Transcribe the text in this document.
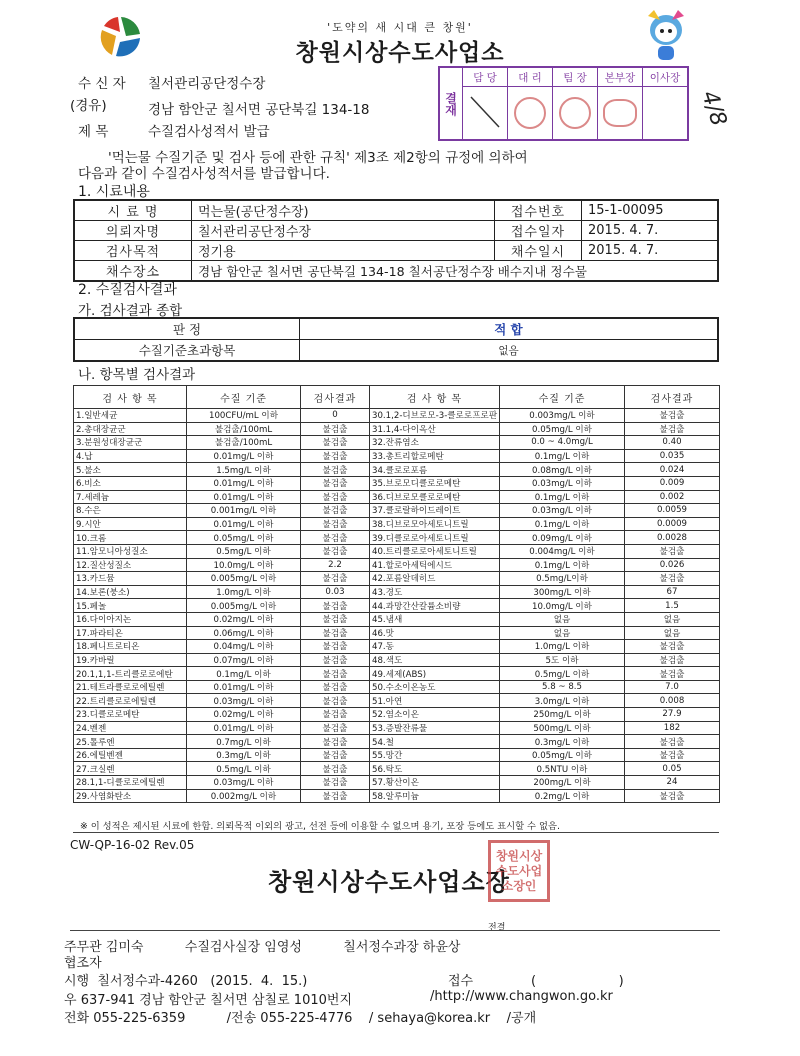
'도약의 새 시대 큰 창원'
창원시상수도사업소
수 신 자 칠서관리공단정수장
(경유)	경남 함안군 칠서면 공단북길 134-18
제 목	수질검사성적서 발급
결재	담 당	대 리	팀 장	본부장	이사장

4/8
'먹는물 수질기준 및 검사 등에 관한 규칙' 제3조 제2항의 규정에 의하여
다음과 같이 수질검사성적서를 발급합니다.
1. 시료내용
시 료 명	먹는물(공단정수장)	접수번호	15-1-00095
의뢰자명	칠서관리공단정수장	접수일자	2015. 4. 7.
검사목적	정기용	채수일시	2015. 4. 7.
채수장소	경남 함안군 칠서면 공단북길 134-18 칠서공단정수장 배수지내 정수물		
2. 수질검사결과
가. 검사결과 종합
판 정	적 합
수질기준초과항목	없음
나. 항목별 검사결과
검 사 항 목	수질 기준	검사결과	검 사 항 목	수질 기준	검사결과
1.일반세균	100CFU/mL 이하	0	30.1,2-디브로모-3-클로로프로판	0.003mg/L 이하	불검출
2.총대장균군	불검출/100mL	불검출	31.1,4-다이옥산	0.05mg/L 이하	불검출
3.분원성대장균군	불검출/100mL	불검출	32.잔류염소	0.0 ~ 4.0mg/L	0.40
4.납	0.01mg/L 이하	불검출	33.총트리할로메탄	0.1mg/L 이하	0.035
5.불소	1.5mg/L 이하	불검출	34.클로로포름	0.08mg/L 이하	0.024
6.비소	0.01mg/L 이하	불검출	35.브로모디클로로메탄	0.03mg/L 이하	0.009
7.세레늄	0.01mg/L 이하	불검출	36.디브로모클로로메탄	0.1mg/L 이하	0.002
8.수은	0.001mg/L 이하	불검출	37.클로랄하이드레이트	0.03mg/L 이하	0.0059
9.시안	0.01mg/L 이하	불검출	38.디브로모아세토니트릴	0.1mg/L 이하	0.0009
10.크롬	0.05mg/L 이하	불검출	39.디클로로아세토니트릴	0.09mg/L 이하	0.0028
11.암모니아성질소	0.5mg/L 이하	불검출	40.트리클로로아세토니트릴	0.004mg/L 이하	불검출
12.질산성질소	10.0mg/L 이하	2.2	41.할로아세틱에시드	0.1mg/L 이하	0.026
13.카드뮴	0.005mg/L 이하	불검출	42.포름알데히드	0.5mg/L이하	불검출
14.보론(붕소)	1.0mg/L 이하	0.03	43.경도	300mg/L 이하	67
15.페놀	0.005mg/L 이하	불검출	44.과망간산칼륨소비량	10.0mg/L 이하	1.5
16.다이아지논	0.02mg/L 이하	불검출	45.냄새	없음	없음
17.파라티온	0.06mg/L 이하	불검출	46.맛	없음	없음
18.페니트로티온	0.04mg/L 이하	불검출	47.동	1.0mg/L 이하	불검출
19.카바릴	0.07mg/L 이하	불검출	48.색도	5도 이하	불검출
20.1,1,1-트리클로로에탄	0.1mg/L 이하	불검출	49.세제(ABS)	0.5mg/L 이하	불검출
21.테트라클로로에틸렌	0.01mg/L 이하	불검출	50.수소이온농도	5.8 ~ 8.5	7.0
22.트리클로로에틸렌	0.03mg/L 이하	불검출	51.아연	3.0mg/L 이하	0.008
23.디클로로메탄	0.02mg/L 이하	불검출	52.염소이온	250mg/L 이하	27.9
24.벤젠	0.01mg/L 이하	불검출	53.증발잔류물	500mg/L 이하	182
25.톨루엔	0.7mg/L 이하	불검출	54.철	0.3mg/L 이하	불검출
26.에틸벤젠	0.3mg/L 이하	불검출	55.망간	0.05mg/L 이하	불검출
27.크실렌	0.5mg/L 이하	불검출	56.탁도	0.5NTU 이하	0.05
28.1,1-디클로로에틸렌	0.03mg/L 이하	불검출	57.황산이온	200mg/L 이하	24
29.사염화탄소	0.002mg/L 이하	불검출	58.알루미늄	0.2mg/L 이하	불검출
※ 이 성적은 제시된 시료에 한함. 의뢰목적 이외의 광고, 선전 등에 이용할 수 없으며 용기, 포장 등에도 표시할 수 없음.
CW-QP-16-02 Rev.05
창원시상수도사업소장
창원시상수도사업소장인
전결
주무관 김미숙          수질검사실장 임영성          칠서정수과장 하윤상
협조자
시행  칠서정수과-4260   (2015.  4.  15.)	접수              (                    )
우 637-941 경남 함안군 칠서면 삼칠로 1010번지	/http://www.changwon.go.kr
전화 055-225-6359          /전송 055-225-4776    / sehaya@korea.kr    /공개
